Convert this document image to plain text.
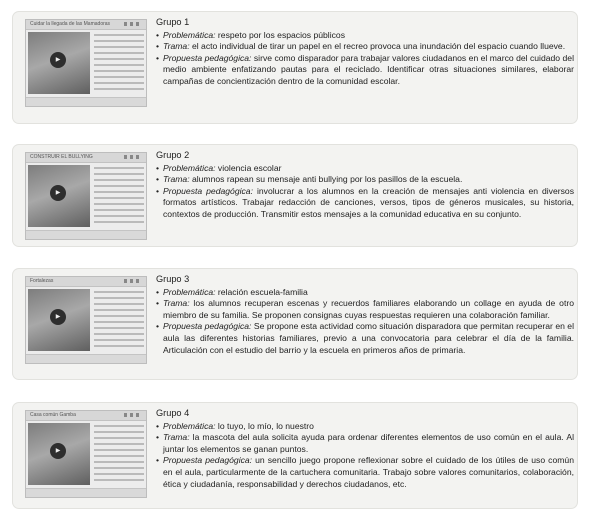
Cuidar la llegada de las Mamadoras
▶
Grupo 1
• Problemática: respeto por los espacios públicos
• Trama: el acto individual de tirar un papel en el recreo provoca una inundación del espacio cuando llueve.
• Propuesta pedagógica: sirve como disparador para trabajar valores ciudadanos en el marco del cuidado del medio ambiente enfatizando pautas para el reciclado. Identificar otras situaciones similares, elaborar campañas de concientización dentro de la comunidad escolar.
CONSTRUIR EL BULLYING
▶
Grupo 2
• Problemática: violencia escolar
• Trama: alumnos rapean su mensaje anti bullying por los pasillos de la escuela.
• Propuesta pedagógica: involucrar a los alumnos en la creación de mensajes anti violencia en diversos formatos artísticos. Trabajar redacción de canciones, versos, tipos de géneros musicales, su historia, contextos de producción. Transmitir estos mensajes a la comunidad educativa en su conjunto.
Fortalezas
▶
Grupo 3
• Problemática: relación escuela-familia
• Trama: los alumnos recuperan escenas y recuerdos familiares elaborando un collage en ayuda de otro miembro de su familia. Se proponen consignas cuyas respuestas requieren una colaboración familiar.
• Propuesta pedagógica: Se propone esta actividad como situación disparadora que permitan recuperar en el aula las diferentes historias familiares, previo a una convocatoria para celebrar el día de la familia. Articulación con el estudio del barrio y la escuela en primeros años de primaria.
Casa común Gamba
▶
Grupo 4
• Problemática: lo tuyo, lo mío, lo nuestro
• Trama: la mascota del aula solicita ayuda para ordenar diferentes elementos de uso común en el aula. Al juntar los elementos se ganan puntos.
• Propuesta pedagógica: un sencillo juego propone reflexionar sobre el cuidado de los útiles de uso común en el aula, particularmente de la cartuchera comunitaria. Trabajo sobre valores comunitarios, colaboración, ética y ciudadanía, responsabilidad y derechos ciudadanos, etc.
